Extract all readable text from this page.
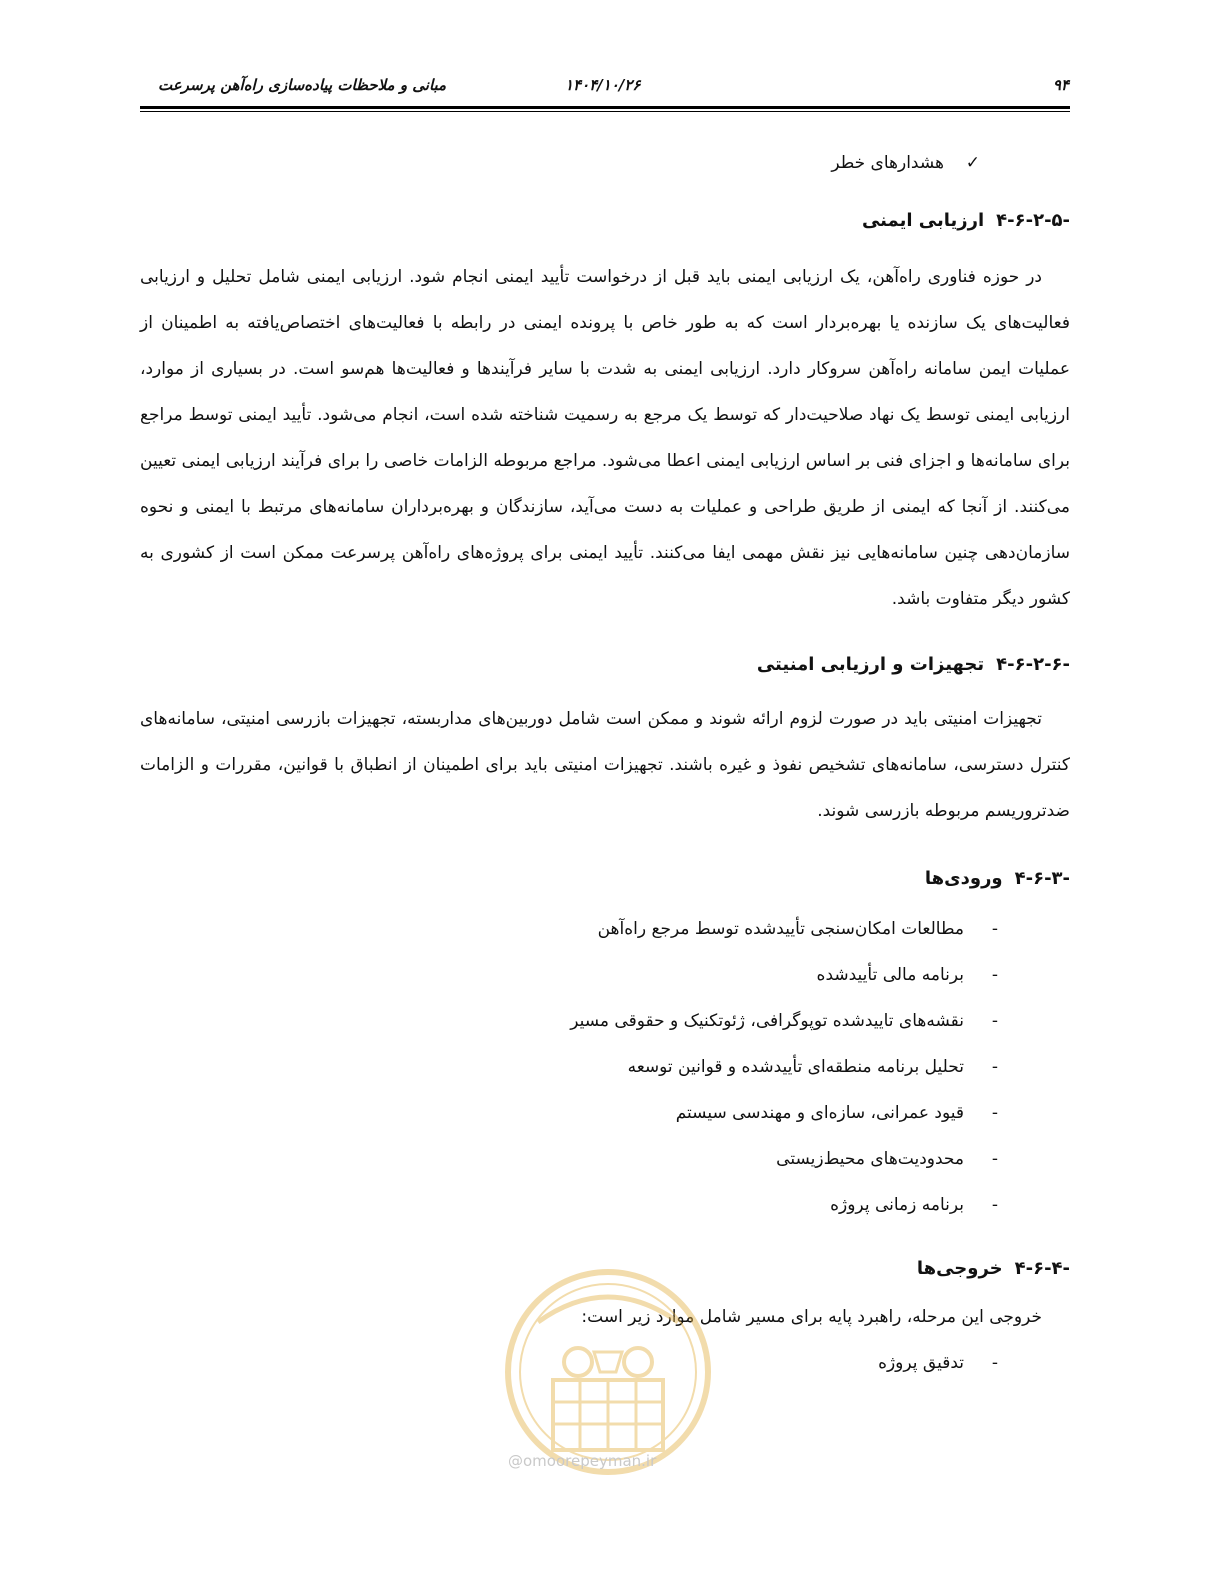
۹۴
۱۴۰۴/۱۰/۲۶
مبانی و ملاحظات پیاده‌سازی راه‌آهن پرسرعت
✓هشدارهای خطر
۴-۶-۲-۵-ارزیابی ایمنی

در حوزه فناوری راه‌آهن، یک ارزیابی ایمنی باید قبل از درخواست تأیید ایمنی انجام شود. ارزیابی ایمنی شامل تحلیل و ارزیابی فعالیت‌های یک سازنده یا بهره‌بردار است که به طور خاص با پرونده ایمنی در رابطه با فعالیت‌های اختصاص‌یافته به اطمینان از عملیات ایمن سامانه راه‌آهن سروکار دارد. ارزیابی ایمنی به شدت با سایر فرآیندها و فعالیت‌ها هم‌سو است. در بسیاری از موارد، ارزیابی ایمنی توسط یک نهاد صلاحیت‌دار که توسط یک مرجع به رسمیت شناخته شده است، انجام می‌شود. تأیید ایمنی توسط مراجع برای سامانه‌ها و اجزای فنی بر اساس ارزیابی ایمنی اعطا می‌شود. مراجع مربوطه الزامات خاصی را برای فرآیند ارزیابی ایمنی تعیین می‌کنند. از آنجا که ایمنی از طریق طراحی و عملیات به دست می‌آید، سازندگان و بهره‌برداران سامانه‌های مرتبط با ایمنی و نحوه سازمان‌دهی چنین سامانه‌هایی نیز نقش مهمی ایفا می‌کنند. تأیید ایمنی برای پروژه‌های راه‌آهن پرسرعت ممکن است از کشوری به کشور دیگر متفاوت باشد.

۴-۶-۲-۶-تجهیزات و ارزیابی امنیتی

تجهیزات امنیتی باید در صورت لزوم ارائه شوند و ممکن است شامل دوربین‌های مداربسته، تجهیزات بازرسی امنیتی، سامانه‌های کنترل دسترسی، سامانه‌های تشخیص نفوذ و غیره باشند. تجهیزات امنیتی باید برای اطمینان از انطباق با قوانین، مقررات و الزامات ضدتروریسم مربوطه بازرسی شوند.

۴-۶-۳-ورودی‌ها
-مطالعات امکان‌سنجی تأییدشده توسط مرجع راه‌آهن
-برنامه مالی تأییدشده
-نقشه‌های تاییدشده توپوگرافی، ژئوتکنیک و حقوقی مسیر
-تحلیل برنامه منطقه‌ای تأییدشده و قوانین توسعه
-قیود عمرانی، سازه‌ای و مهندسی سیستم
-محدودیت‌های محیط‌زیستی
-برنامه زمانی پروژه
۴-۶-۴-خروجی‌ها

خروجی این مرحله، راهبرد پایه برای مسیر شامل موارد زیر است:

-تدقیق پروژه
@omoorepeyman.ir
